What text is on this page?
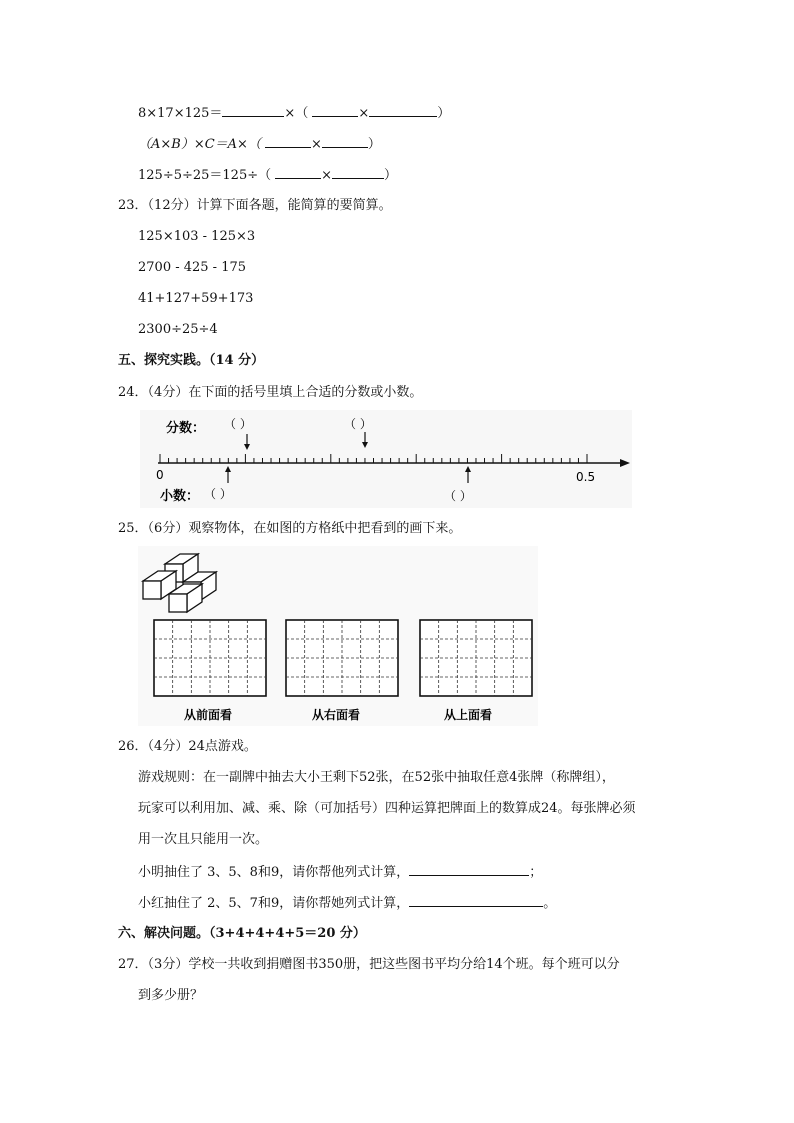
8×17×125＝	×（	×	）
（A×B）×C＝A×（	×	）
125÷5÷25＝125÷（	×	）
23．（12分）计算下面各题，能简算的要简算。
125×103 - 125×3
2700 - 425 - 175
41+127+59+173
2300÷25÷4
五、探究实践。（14 分）
24．（4分）在下面的括号里填上合适的分数或小数。
分数： （ ）	（ ）
0	0.5
小数： （ ）	（ ）
25．（6分）观察物体，在如图的方格纸中把看到的画下来。
从前面看	从右面看	从上面看
26．（4分）24点游戏。
游戏规则：在一副牌中抽去大小王剩下52张，在52张中抽取任意4张牌（称牌组），
玩家可以利用加、减、乘、除（可加括号）四种运算把牌面上的数算成24。每张牌必须
用一次且只能用一次。
小明抽住了 3、5、8和9，请你帮他列式计算，	；
小红抽住了 2、5、7和9，请你帮她列式计算，	。
六、解决问题。（3+4+4+4+5＝20 分）
27．（3分）学校一共收到捐赠图书350册，把这些图书平均分给14个班。每个班可以分
到多少册？
